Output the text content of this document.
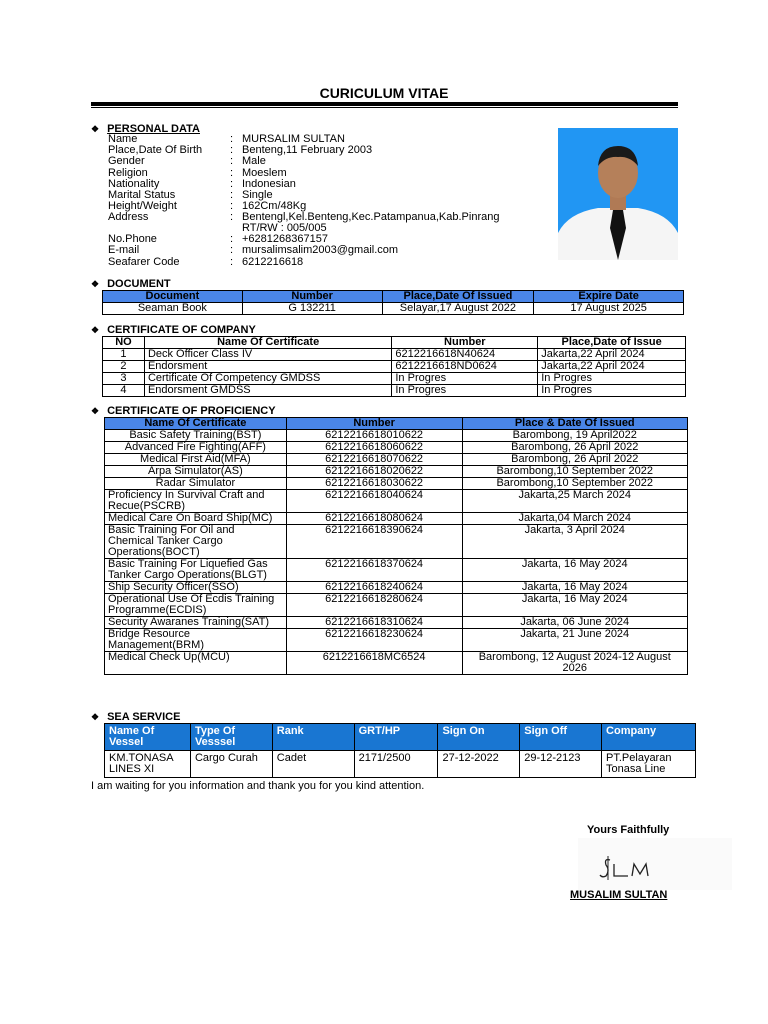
CURICULUM VITAE
❖ PERSONAL DATA
Name	: MURSALIM SULTAN
Place,Date Of Birth	: Benteng,11 February 2003
Gender	: Male
Religion	: Moeslem
Nationality	: Indonesian
Marital Status	: Single
Height/Weight	: 162Cm/48Kg
Address	: Bentengl,Kel.Benteng,Kec.Patampanua,Kab.Pinrang
RT/RW : 005/005
No.Phone	: +6281268367157
E-mail	: mursalimsalim2003@gmail.com
Seafarer Code	: 6212216618
❖ DOCUMENT
Document	Number	Place,Date Of Issued	Expire Date
Seaman Book	G 132211	Selayar,17 August 2022	17 August 2025
❖ CERTIFICATE OF COMPANY
NO	Name Of Certificate	Number	Place,Date of Issue
1	Deck Officer Class IV	6212216618N40624	Jakarta,22 April 2024
2	Endorsment	6212216618ND0624	Jakarta,22 April 2024
3	Certificate Of Competency GMDSS	In Progres	In Progres
4	Endorsment GMDSS	In Progres	In Progres
❖ CERTIFICATE OF PROFICIENCY
Name Of Certificate	Number	Place & Date Of Issued
Basic Safety Training(BST)	6212216618010622	Barombong, 19 April2022
Advanced Fire Fighting(AFF)	6212216618060622	Barombong, 26 April 2022
Medical First Aid(MFA)	6212216618070622	Barombong, 26 April 2022
Arpa Simulator(AS)	6212216618020622	Barombong,10 September 2022
Radar Simulator	6212216618030622	Barombong,10 September 2022
Proficiency In Survival Craft and Recue(PSCRB)	6212216618040624	Jakarta,25 March 2024
Medical Care On Board Ship(MC)	6212216618080624	Jakarta,04 March 2024
Basic Training For Oil and Chemical Tanker Cargo Operations(BOCT)	6212216618390624	Jakarta, 3 April 2024
Basic Training For Liquefied Gas Tanker Cargo Operations(BLGT)	6212216618370624	Jakarta, 16 May 2024
Ship Security Officer(SSO)	6212216618240624	Jakarta, 16 May 2024
Operational Use Of Ecdis Training Programme(ECDIS)	6212216618280624	Jakarta, 16 May 2024
Security Awaranes Training(SAT)	6212216618310624	Jakarta, 06 June 2024
Bridge Resource Management(BRM)	6212216618230624	Jakarta, 21 June 2024
Medical Check Up(MCU)	6212216618MC6524	Barombong, 12 August 2024-12 August 2026
❖ SEA SERVICE
Name Of Vessel	Type Of Vesssel	Rank	GRT/HP	Sign On	Sign Off	Company
KM.TONASA LINES XI	Cargo Curah	Cadet	2171/2500	27-12-2022	29-12-2123	PT.Pelayaran Tonasa Line
I am waiting for you information and thank you for you kind attention.
Yours Faithfully
MUSALIM SULTAN
